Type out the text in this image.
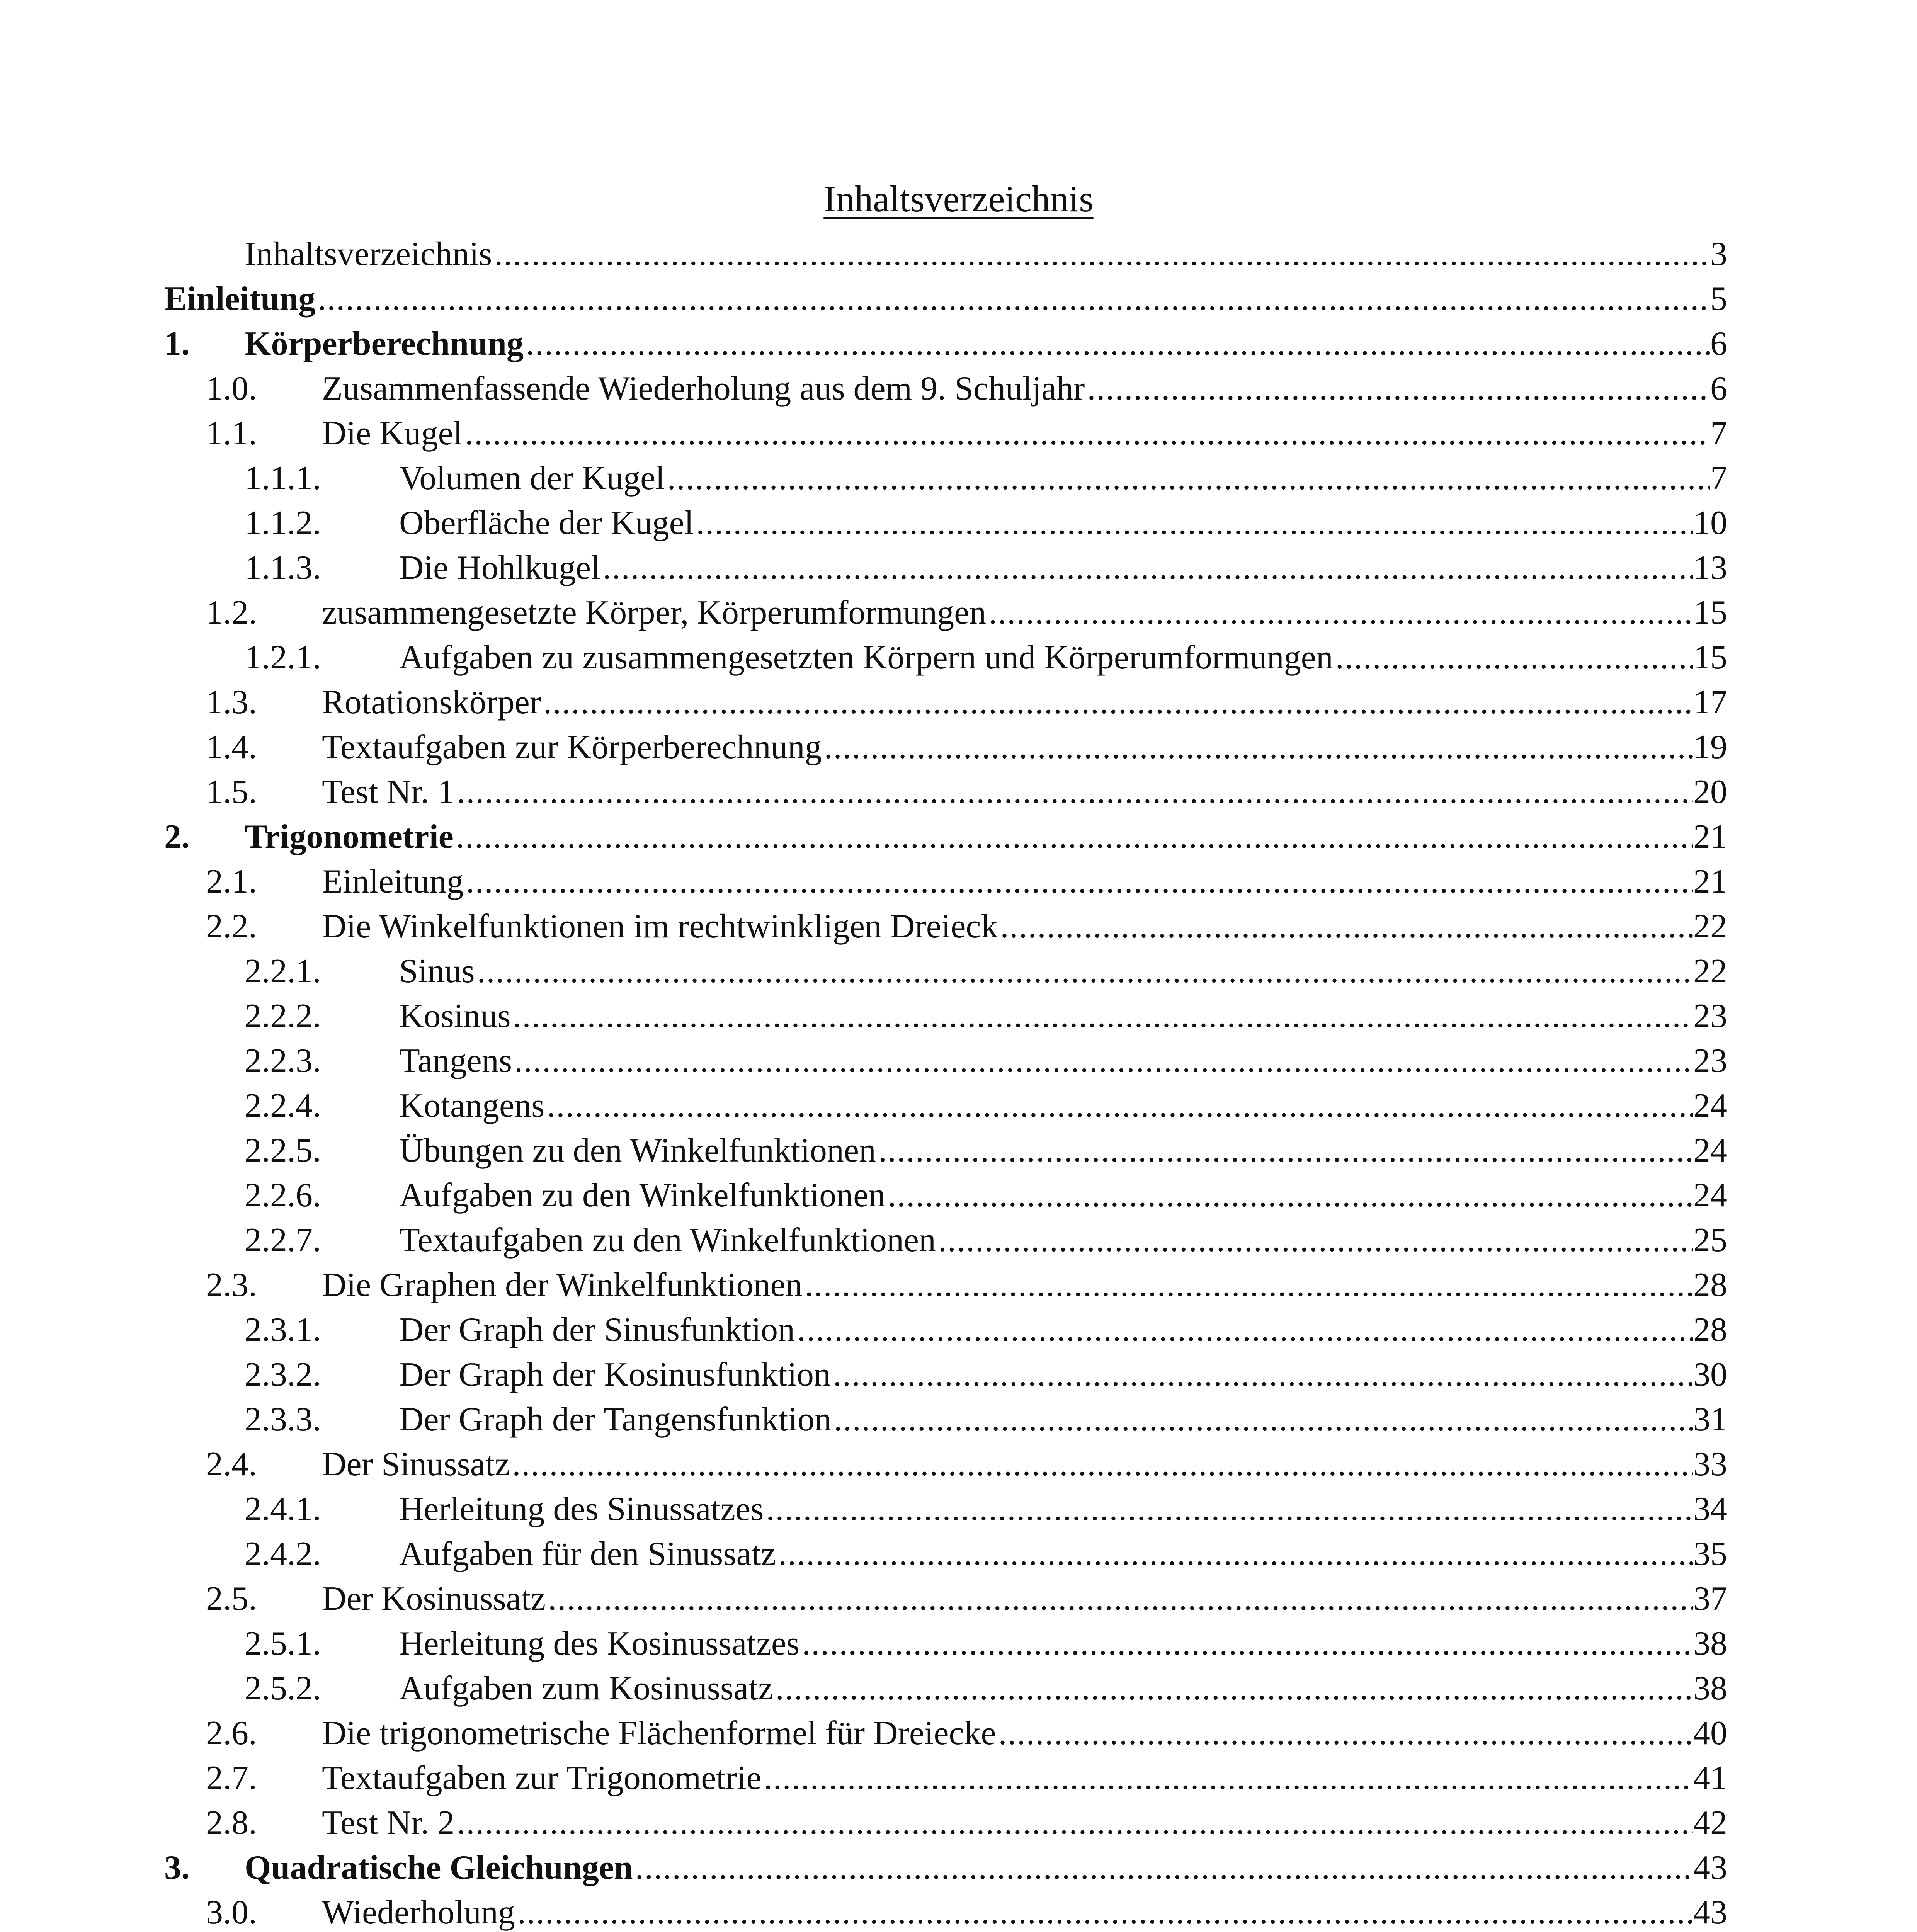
Inhaltsverzeichnis
Inhaltsverzeichnis .....	3
Einleitung .....	5
1.	Körperberechnung .....	6
1.0.	Zusammenfassende Wiederholung aus dem 9. Schuljahr .....	6
1.1.	Die Kugel .....	7
1.1.1.	Volumen der Kugel .....	7
1.1.2.	Oberfläche der Kugel .....	10
1.1.3.	Die Hohlkugel .....	13
1.2.	zusammengesetzte Körper, Körperumformungen .....	15
1.2.1.	Aufgaben zu zusammengesetzten Körpern und Körperumformungen .....	15
1.3.	Rotationskörper .....	17
1.4.	Textaufgaben zur Körperberechnung .....	19
1.5.	Test Nr. 1 .....	20
2.	Trigonometrie .....	21
2.1.	Einleitung .....	21
2.2.	Die Winkelfunktionen im rechtwinkligen Dreieck .....	22
2.2.1.	Sinus .....	22
2.2.2.	Kosinus .....	23
2.2.3.	Tangens .....	23
2.2.4.	Kotangens .....	24
2.2.5.	Übungen zu den Winkelfunktionen .....	24
2.2.6.	Aufgaben zu den Winkelfunktionen .....	24
2.2.7.	Textaufgaben zu den Winkelfunktionen .....	25
2.3.	Die Graphen der Winkelfunktionen .....	28
2.3.1.	Der Graph der Sinusfunktion .....	28
2.3.2.	Der Graph der Kosinusfunktion .....	30
2.3.3.	Der Graph der Tangensfunktion .....	31
2.4.	Der Sinussatz .....	33
2.4.1.	Herleitung des Sinussatzes .....	34
2.4.2.	Aufgaben für den Sinussatz .....	35
2.5.	Der Kosinussatz .....	37
2.5.1.	Herleitung des Kosinussatzes .....	38
2.5.2.	Aufgaben zum Kosinussatz .....	38
2.6.	Die trigonometrische Flächenformel für Dreiecke .....	40
2.7.	Textaufgaben zur Trigonometrie .....	41
2.8.	Test Nr. 2 .....	42
3.	Quadratische Gleichungen .....	43
3.0.	Wiederholung .....	43
